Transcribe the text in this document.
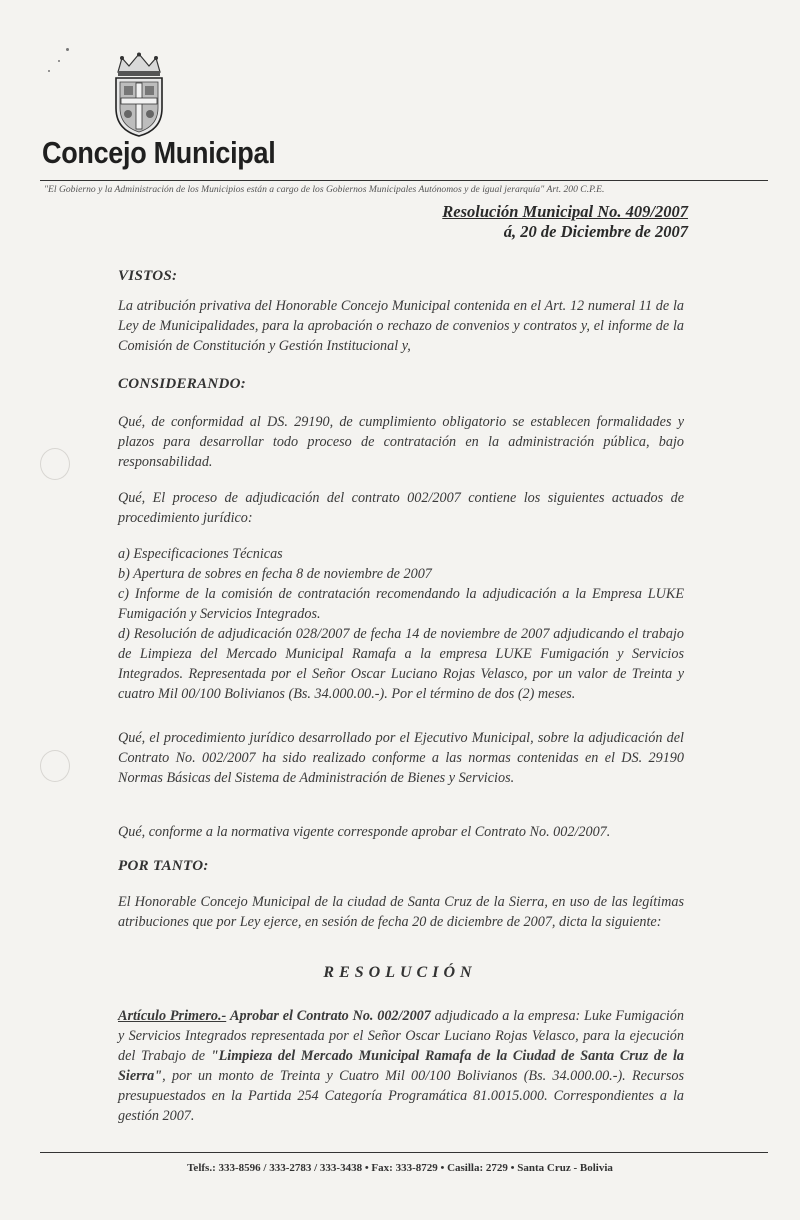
Concejo Municipal
"El Gobierno y la Administración de los Municipios están a cargo de los Gobiernos Municipales Autónomos y de igual jerarquía" Art. 200 C.P.E.
Resolución Municipal No. 409/2007
á, 20 de Diciembre de 2007
VISTOS:
La atribución privativa del Honorable Concejo Municipal contenida en el Art. 12 numeral 11 de la Ley de Municipalidades, para la aprobación o rechazo de convenios y contratos y, el informe de la Comisión de Constitución y Gestión Institucional y,
CONSIDERANDO:
Qué, de conformidad al DS. 29190, de cumplimiento obligatorio se establecen formalidades y plazos para desarrollar todo proceso de contratación en la administración pública, bajo responsabilidad.
Qué, El proceso de adjudicación del contrato 002/2007 contiene los siguientes actuados de procedimiento jurídico:
a) Especificaciones Técnicas
b) Apertura de sobres en fecha 8 de noviembre de 2007
c) Informe de la comisión de contratación recomendando la adjudicación a la Empresa LUKE Fumigación y Servicios Integrados.
d) Resolución de adjudicación 028/2007 de fecha 14 de noviembre de 2007 adjudicando el trabajo de Limpieza del Mercado Municipal Ramafa a la empresa LUKE Fumigación y Servicios Integrados. Representada por el Señor Oscar Luciano Rojas Velasco, por un valor de Treinta y cuatro Mil 00/100 Bolivianos (Bs. 34.000.00.-). Por el término de dos (2) meses.
Qué, el procedimiento jurídico desarrollado por el Ejecutivo Municipal, sobre la adjudicación del Contrato No. 002/2007 ha sido realizado conforme a las normas contenidas en el DS. 29190 Normas Básicas del Sistema de Administración de Bienes y Servicios.
Qué, conforme a la normativa vigente corresponde aprobar el Contrato No. 002/2007.
POR TANTO:
El Honorable Concejo Municipal de la ciudad de Santa Cruz de la Sierra, en uso de las legítimas atribuciones que por Ley ejerce, en sesión de fecha 20 de diciembre de 2007, dicta la siguiente:
RESOLUCIÓN
Artículo Primero.- Aprobar el Contrato No. 002/2007 adjudicado a la empresa: Luke Fumigación y Servicios Integrados representada por el Señor Oscar Luciano Rojas Velasco, para la ejecución del Trabajo de "Limpieza del Mercado Municipal Ramafa de la Ciudad de Santa Cruz de la Sierra", por un monto de Treinta y Cuatro Mil 00/100 Bolivianos (Bs. 34.000.00.-). Recursos presupuestados en la Partida 254 Categoría Programática 81.0015.000. Correspondientes a la gestión 2007.
Telfs.: 333-8596 / 333-2783 / 333-3438 • Fax: 333-8729 • Casilla: 2729 • Santa Cruz - Bolivia
